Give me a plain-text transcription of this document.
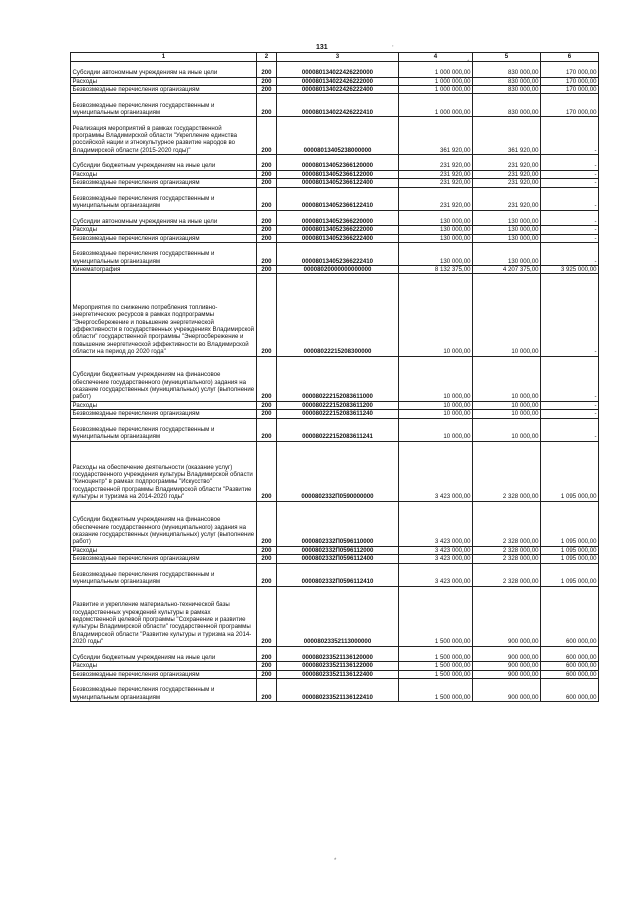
131	,
*
*
1	2	3	4	5	6
Субсидии автономным учреждениям на иные цели	200	000080134022426220000	1 000 000,00	830 000,00	170 000,00
Расходы	200	000080134022426222000	1 000 000,00	830 000,00	170 000,00
Безвозмездные перечисления организациям	200	000080134022426222400	1 000 000,00	830 000,00	170 000,00
Безвозмездные перечисления государственным и муниципальным организациям	200	000080134022426222410	1 000 000,00	830 000,00	170 000,00
Реализация мероприятий в рамках государственной программы Владимирской области "Укрепление единства российской нации и этнокультурное развитие народов во Владимирской области (2015-2020 годы)"	200	00008013405238000000	361 920,00	361 920,00	-
Субсидии бюджетным учреждениям на иные цели	200	000080134052366120000	231 920,00	231 920,00	-
Расходы	200	000080134052366122000	231 920,00	231 920,00	-
Безвозмездные перечисления организациям	200	000080134052366122400	231 920,00	231 920,00	-
Безвозмездные перечисления государственным и муниципальным организациям	200	000080134052366122410	231 920,00	231 920,00	-
Субсидии автономным учреждениям на иные цели	200	000080134052366220000	130 000,00	130 000,00	-
Расходы	200	000080134052366222000	130 000,00	130 000,00	-
Безвозмездные перечисления организациям	200	000080134052366222400	130 000,00	130 000,00	-
Безвозмездные перечисления государственным и муниципальным организациям	200	000080134052366222410	130 000,00	130 000,00	-
Кинематография	200	00008020000000000000	8 132 375,00	4 207 375,00	3 925 000,00
Мероприятия по снижению потребления топливно-энергетических ресурсов в рамках подпрограммы "Энергосбережение и повышение энергетической эффективности в государственных учреждениях Владимирской области" государственной программы "Энергосбережение и повышение энергетической эффективности во Владимирской области на период до 2020 года"	200	00008022215208300000	10 000,00	10 000,00	-
Субсидии бюджетным учреждениям на финансовое обеспечение государственного (муниципального) задания на оказание государственных (муниципальных) услуг (выполнение работ)	200	000080222152083611000	10 000,00	10 000,00	-
Расходы	200	000080222152083611200	10 000,00	10 000,00	-
Безвозмездные перечисления организациям	200	000080222152083611240	10 000,00	10 000,00	-
Безвозмездные перечисления государственным и муниципальным организациям	200	000080222152083611241	10 000,00	10 000,00	-
Расходы на обеспечение деятельности (оказание услуг) государственного учреждения культуры Владимирской области "Киноцентр" в рамках подпрограммы "Искусство" государственной программы Владимирской области "Развитие культуры и туризма на 2014-2020 годы"	200	0000802332П0590000000	3 423 000,00	2 328 000,00	1 095 000,00
Субсидии бюджетным учреждениям на финансовое обеспечение государственного (муниципального) задания на оказание государственных (муниципальных) услуг (выполнение работ)	200	0000802332П0596110000	3 423 000,00	2 328 000,00	1 095 000,00
Расходы	200	0000802332П0596112000	3 423 000,00	2 328 000,00	1 095 000,00
Безвозмездные перечисления организациям	200	0000802332П0596112400	3 423 000,00	2 328 000,00	1 095 000,00
Безвозмездные перечисления государственным и муниципальным организациям	200	0000802332П0596112410	3 423 000,00	2 328 000,00	1 095 000,00
Развитие и укрепление материально-технической базы государственных учреждений культуры в рамках ведомственной целевой программы "Сохранение и развитие культуры Владимирской области" государственной программы Владимирской области "Развитие культуры и туризма на 2014-2020 годы"	200	00008023352113000000	1 500 000,00	900 000,00	600 000,00
Субсидии бюджетным учреждениям на иные цели	200	000080233521136120000	1 500 000,00	900 000,00	600 000,00
Расходы	200	000080233521136122000	1 500 000,00	900 000,00	600 000,00
Безвозмездные перечисления организациям	200	000080233521136122400	1 500 000,00	900 000,00	600 000,00
Безвозмездные перечисления государственным и муниципальным организациям	200	000080233521136122410	1 500 000,00	900 000,00	600 000,00
